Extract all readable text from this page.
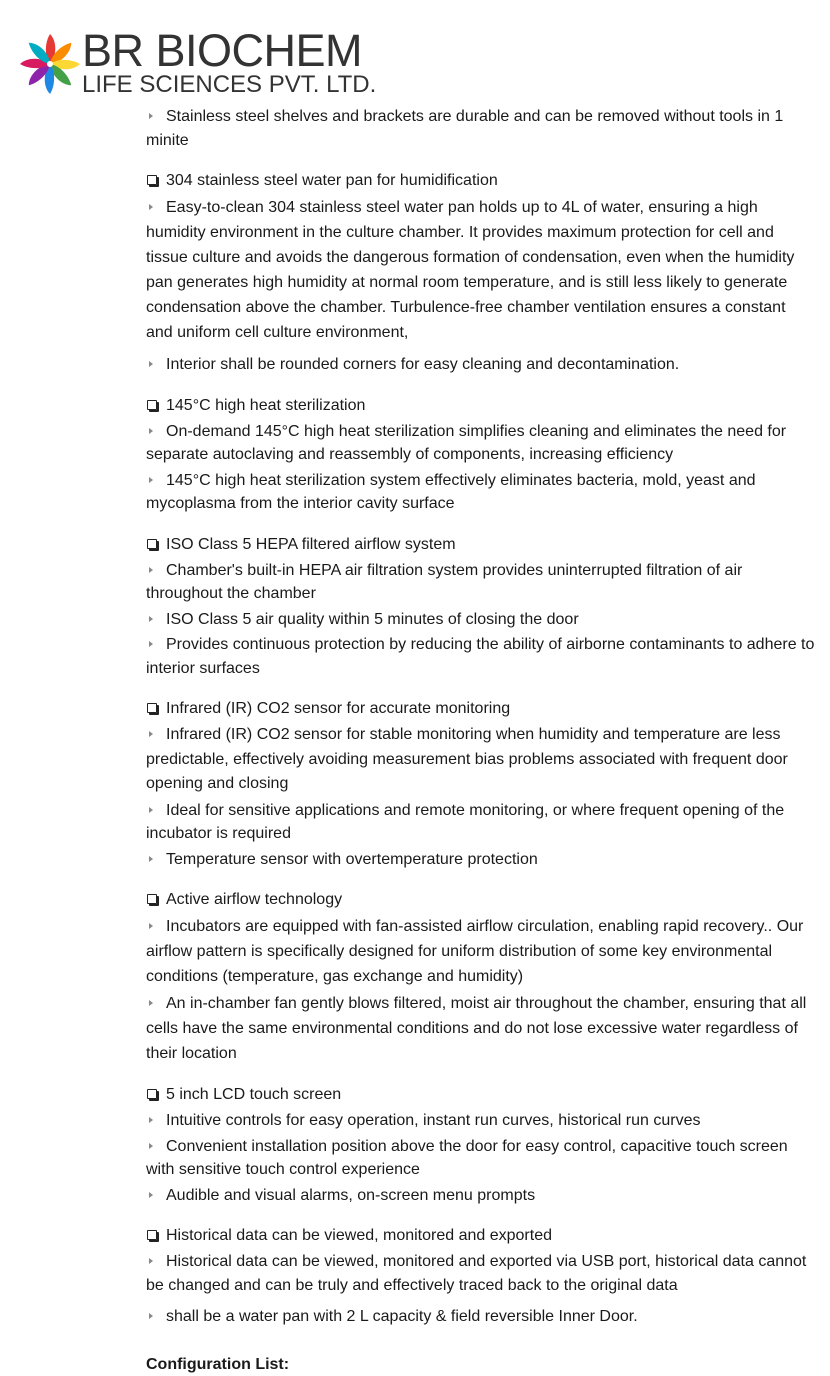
BR BIOCHEM
LIFE SCIENCES PVT. LTD.
Stainless steel shelves and brackets are durable and can be removed without tools in 1 minite
304 stainless steel water pan for humidification
Easy-to-clean 304 stainless steel water pan holds up to 4L of water, ensuring a high humidity environment in the culture chamber. It provides maximum protection for cell and tissue culture and avoids the dangerous formation of condensation, even when the humidity pan generates high humidity at normal room temperature, and is still less likely to generate condensation above the chamber. Turbulence-free chamber ventilation ensures a constant and uniform cell culture environment,
Interior shall be rounded corners for easy cleaning and decontamination.
145°C high heat sterilization
On-demand 145°C high heat sterilization simplifies cleaning and eliminates the need for separate autoclaving and reassembly of components, increasing efficiency
145°C high heat sterilization system effectively eliminates bacteria, mold, yeast and mycoplasma from the interior cavity surface
ISO Class 5 HEPA filtered airflow system
Chamber's built-in HEPA air filtration system provides uninterrupted filtration of air throughout the chamber
ISO Class 5 air quality within 5 minutes of closing the door
Provides continuous protection by reducing the ability of airborne contaminants to adhere to interior surfaces
Infrared (IR) CO2 sensor for accurate monitoring
Infrared (IR) CO2 sensor for stable monitoring when humidity and temperature are less predictable, effectively avoiding measurement bias problems associated with frequent door opening and closing
Ideal for sensitive applications and remote monitoring, or where frequent opening of the incubator is required
Temperature sensor with overtemperature protection
Active airflow technology
Incubators are equipped with fan-assisted airflow circulation, enabling rapid recovery.. Our airflow pattern is specifically designed for uniform distribution of some key environmental conditions (temperature, gas exchange and humidity)
An in-chamber fan gently blows filtered, moist air throughout the chamber, ensuring that all cells have the same environmental conditions and do not lose excessive water regardless of their location
5 inch LCD touch screen
Intuitive controls for easy operation, instant run curves, historical run curves
Convenient installation position above the door for easy control, capacitive touch screen with sensitive touch control experience
Audible and visual alarms, on-screen menu prompts
Historical data can be viewed, monitored and exported
Historical data can be viewed, monitored and exported via USB port, historical data cannot be changed and can be truly and effectively traced back to the original data
shall be a water pan with 2 L capacity & field reversible Inner Door.
Configuration List:
